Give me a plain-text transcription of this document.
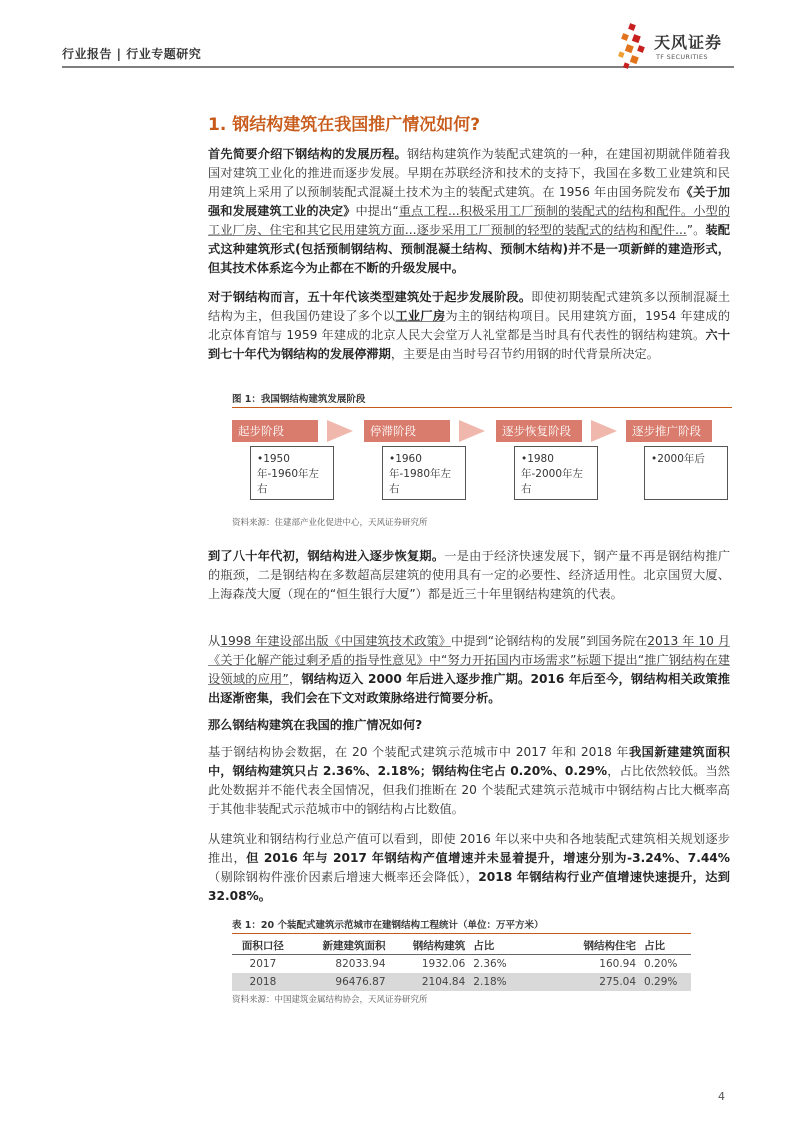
行业报告 | 行业专题研究
天风证券
TF SECURITIES
1. 钢结构建筑在我国推广情况如何?
首先简要介绍下钢结构的发展历程。钢结构建筑作为装配式建筑的一种，在建国初期就伴随着我国对建筑工业化的推进而逐步发展。早期在苏联经济和技术的支持下，我国在多数工业建筑和民用建筑上采用了以预制装配式混凝土技术为主的装配式建筑。在 1956 年由国务院发布《关于加强和发展建筑工业的决定》中提出“重点工程...积极采用工厂预制的装配式的结构和配件。小型的工业厂房、住宅和其它民用建筑方面...逐步采用工厂预制的轻型的装配式的结构和配件...”。装配式这种建筑形式(包括预制钢结构、预制混凝土结构、预制木结构)并不是一项新鲜的建造形式，但其技术体系迄今为止都在不断的升级发展中。
对于钢结构而言，五十年代该类型建筑处于起步发展阶段。即使初期装配式建筑多以预制混凝土结构为主，但我国仍建设了多个以工业厂房为主的钢结构项目。民用建筑方面，1954 年建成的北京体育馆与 1959 年建成的北京人民大会堂万人礼堂都是当时具有代表性的钢结构建筑。六十到七十年代为钢结构的发展停滞期，主要是由当时号召节约用钢的时代背景所决定。
图 1：我国钢结构建筑发展阶段
起步阶段
•1950年-1960年左右
停滞阶段
•1960年-1980年左右
逐步恢复阶段
•1980年-2000年左右
逐步推广阶段
•2000年后
资料来源：住建部产业化促进中心，天风证券研究所
到了八十年代初，钢结构进入逐步恢复期。一是由于经济快速发展下，钢产量不再是钢结构推广的瓶颈，二是钢结构在多数超高层建筑的使用具有一定的必要性、经济适用性。北京国贸大厦、上海森茂大厦（现在的“恒生银行大厦”）都是近三十年里钢结构建筑的代表。
从1998 年建设部出版《中国建筑技术政策》中提到“论钢结构的发展”到国务院在2013 年 10 月《关于化解产能过剩矛盾的指导性意见》中“努力开拓国内市场需求”标题下提出“推广钢结构在建设领域的应用”，钢结构迈入 2000 年后进入逐步推广期。2016 年后至今，钢结构相关政策推出逐渐密集，我们会在下文对政策脉络进行简要分析。
那么钢结构建筑在我国的推广情况如何?
基于钢结构协会数据，在 20 个装配式建筑示范城市中 2017 年和 2018 年我国新建建筑面积中，钢结构建筑只占 2.36%、2.18%；钢结构住宅占 0.20%、0.29%，占比依然较低。当然此处数据并不能代表全国情况，但我们推断在 20 个装配式建筑示范城市中钢结构占比大概率高于其他非装配式示范城市中的钢结构占比数值。
从建筑业和钢结构行业总产值可以看到，即使 2016 年以来中央和各地装配式建筑相关规划逐步推出，但 2016 年与 2017 年钢结构产值增速并未显着提升，增速分别为-3.24%、7.44%（剔除钢构件涨价因素后增速大概率还会降低），2018 年钢结构行业产值增速快速提升，达到 32.08%。
表 1：20 个装配式建筑示范城市在建钢结构工程统计（单位：万平方米）
面积口径	新建建筑面积	钢结构建筑	占比	钢结构住宅	占比
2017	82033.94	1932.06	2.36%	160.94	0.20%
2018	96476.87	2104.84	2.18%	275.04	0.29%
资料来源：中国建筑金属结构协会，天风证券研究所
4
